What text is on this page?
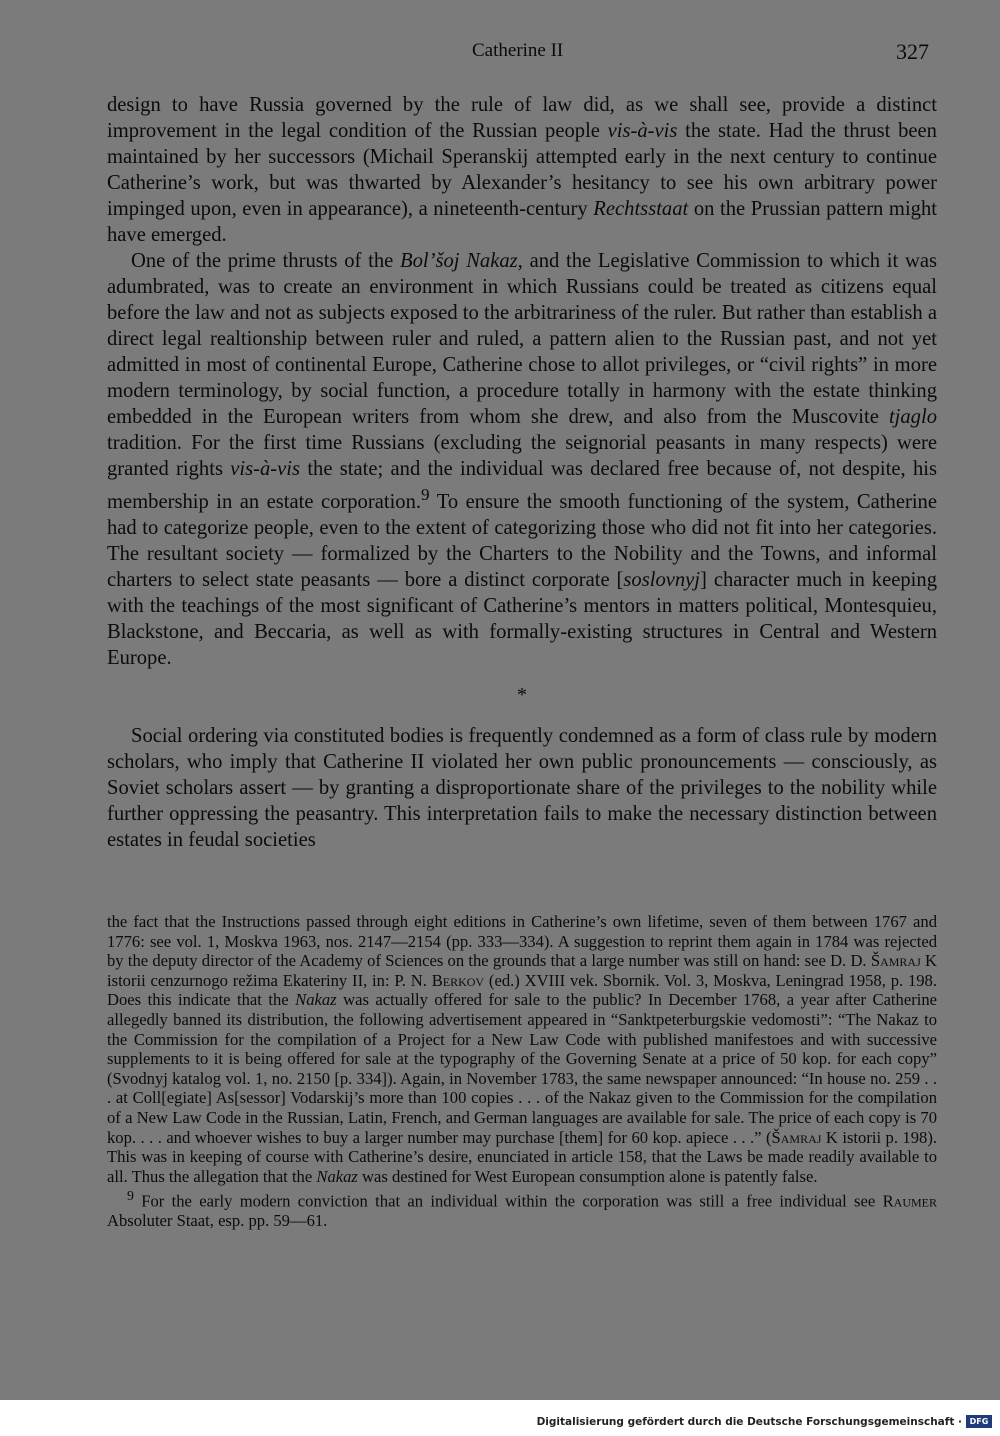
Catherine II	327

design to have Russia governed by the rule of law did, as we shall see, provide a distinct improvement in the legal condition of the Russian people vis-à-vis the state. Had the thrust been maintained by her successors (Michail Speranskij attempted early in the next century to continue Catherine’s work, but was thwarted by Alexander’s hesitancy to see his own arbitrary power impinged upon, even in appearance), a nineteenth-century Rechtsstaat on the Prussian pattern might have emerged.

One of the prime thrusts of the Bol’šoj Nakaz, and the Legislative Commission to which it was adumbrated, was to create an environment in which Russians could be treated as citizens equal before the law and not as subjects exposed to the arbitrariness of the ruler. But rather than establish a direct legal realtionship between ruler and ruled, a pattern alien to the Russian past, and not yet admitted in most of continental Europe, Catherine chose to allot privileges, or “civil rights” in more modern terminology, by social function, a procedure totally in harmony with the estate thinking embedded in the European writers from whom she drew, and also from the Muscovite tjaglo tradition. For the first time Russians (excluding the seignorial peasants in many respects) were granted rights vis-à-vis the state; and the individual was declared free because of, not despite, his membership in an estate corporation.$^9$ To ensure the smooth functioning of the system, Catherine had to categorize people, even to the extent of categorizing those who did not fit into her categories. The resultant society — formalized by the Charters to the Nobility and the Towns, and informal charters to select state peasants — bore a distinct corporate [soslovnyj] character much in keeping with the teachings of the most significant of Catherine’s mentors in matters political, Montesquieu, Blackstone, and Beccaria, as well as with formally-existing structures in Central and Western Europe.

*

Social ordering via constituted bodies is frequently condemned as a form of class rule by modern scholars, who imply that Catherine II violated her own public pronouncements — consciously, as Soviet scholars assert — by granting a disproportionate share of the privileges to the nobility while further oppressing the peasantry. This interpretation fails to make the necessary distinction between estates in feudal societies

the fact that the Instructions passed through eight editions in Catherine’s own lifetime, seven of them between 1767 and 1776: see vol. 1, Moskva 1963, nos. 2147—2154 (pp. 333—334). A suggestion to reprint them again in 1784 was rejected by the deputy director of the Academy of Sciences on the grounds that a large number was still on hand: see D. D. Šamraj K istorii cenzurnogo režima Ekateriny II, in: P. N. Berkov (ed.) XVIII vek. Sbornik. Vol. 3, Moskva, Leningrad 1958, p. 198. Does this indicate that the Nakaz was actually offered for sale to the public? In December 1768, a year after Catherine allegedly banned its distribution, the following advertisement appeared in “Sanktpeterburgskie vedomosti”: “The Nakaz to the Commission for the compilation of a Project for a New Law Code with published manifestoes and with successive supplements to it is being offered for sale at the typography of the Governing Senate at a price of 50 kop. for each copy” (Svodnyj katalog vol. 1, no. 2150 [p. 334]). Again, in November 1783, the same newspaper announced: “In house no. 259 . . . at Coll[egiate] As[sessor] Vodarskij’s more than 100 copies . . . of the Nakaz given to the Commission for the compilation of a New Law Code in the Russian, Latin, French, and German languages are available for sale. The price of each copy is 70 kop. . . . and whoever wishes to buy a larger number may purchase [them] for 60 kop. apiece . . .” (Šamraj K istorii p. 198). This was in keeping of course with Catherine’s desire, enunciated in article 158, that the Laws be made readily available to all. Thus the allegation that the Nakaz was destined for West European consumption alone is patently false.

$^9$ For the early modern conviction that an individual within the corporation was still a free individual see Raumer Absoluter Staat, esp. pp. 59—61.

Digitalisierung gefördert durch die Deutsche Forschungsgemeinschaft · DFG
